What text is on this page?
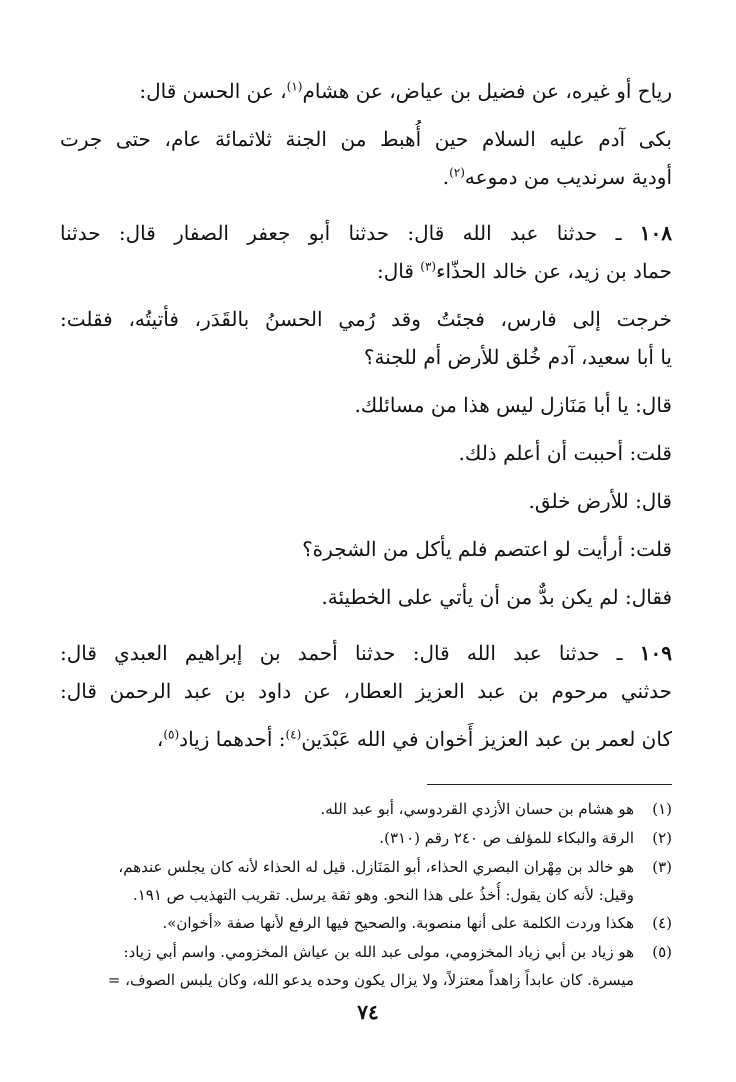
رياح أو غيره، عن فضيل بن عياض، عن هشام$^{(١)}$، عن الحسن قال:
بكى آدم عليه السلام حين أُهبط من الجنة ثلاثمائة عام، حتى جرت
أودية سرنديب من دموعه$^{(٢)}$.
١٠٨ ـ حدثنا عبد الله قال: حدثنا أبو جعفر الصفار قال: حدثنا
حماد بن زيد، عن خالد الحذّاء$^{(٣)}$ قال:
خرجت إلى فارس، فجئتُ وقد رُمي الحسنُ بالقَدَر، فأتيتُه، فقلت:
يا أبا سعيد، آدم خُلق للأرض أم للجنة؟
قال: يا أبا مَنَازل ليس هذا من مسائلك.
قلت: أحببت أن أعلم ذلك.
قال: للأرض خلق.
قلت: أرأيت لو اعتصم فلم يأكل من الشجرة؟
فقال: لم يكن بدٌّ من أن يأتي على الخطيئة.
١٠٩ ـ حدثنا عبد الله قال: حدثنا أحمد بن إبراهيم العبدي قال:
حدثني مرحوم بن عبد العزيز العطار، عن داود بن عبد الرحمن قال:
كان لعمر بن عبد العزيز أَخوان في الله عَبْدَين$^{(٤)}$: أحدهما زياد$^{(٥)}$،
(١)
هو هشام بن حسان الأزدي القردوسي، أبو عبد الله.
(٢)
الرقة والبكاء للمؤلف ص ٢٤٠ رقم (٣١٠).
(٣)
هو خالد بن مِهْران البصري الحذاء، أبو المَنَازل. قيل له الحذاء لأنه كان يجلس عندهم،
وقيل: لأنه كان يقول: أُخذُ على هذا النحو. وهو ثقة يرسل. تقريب التهذيب ص ١٩١.
(٤)
هكذا وردت الكلمة على أنها منصوبة. والصحيح فيها الرفع لأنها صفة «أخوان».
(٥)
هو زياد بن أبي زياد المخزومي، مولى عبد الله بن عياش المخزومي. واسم أبي زياد:
ميسرة. كان عابداً زاهداً معتزلاً، ولا يزال يكون وحده يدعو الله، وكان يلبس الصوف، =
٧٤
